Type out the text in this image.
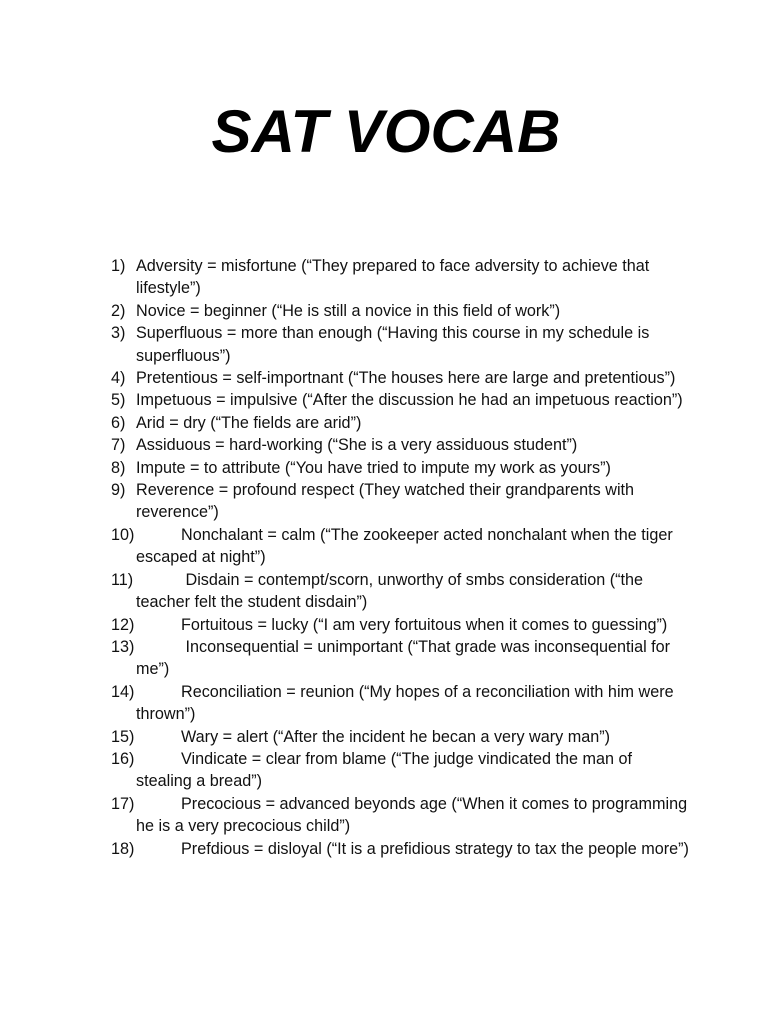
SAT VOCAB
1) Adversity = misfortune (“They prepared to face adversity to achieve that lifestyle”)
2) Novice = beginner (“He is still a novice in this field of work”)
3) Superfluous = more than enough (“Having this course in my schedule is superfluous”)
4) Pretentious = self-importnant (“The houses here are large and pretentious”)
5) Impetuous = impulsive (“After the discussion he had an impetuous reaction”)
6) Arid = dry (“The fields are arid”)
7) Assiduous = hard-working (“She is a very assiduous student”)
8) Impute = to attribute (“You have tried to impute my work as yours”)
9) Reverence = profound respect (They watched their grandparents with reverence”)
10)	Nonchalant = calm (“The zookeeper acted nonchalant when the tiger escaped at night”)
11)	Disdain = contempt/scorn, unworthy of smbs consideration (“the teacher felt the student disdain”)
12)	Fortuitous = lucky (“I am very fortuitous when it comes to guessing”)
13)	Inconsequential = unimportant (“That grade was inconsequential for me”)
14)	Reconciliation = reunion (“My hopes of a reconciliation with him were thrown”)
15)	Wary = alert (“After the incident he becan a very wary man”)
16)	Vindicate = clear from blame (“The judge vindicated the man of stealing a bread”)
17)	Precocious = advanced beyonds age (“When it comes to programming he is a very precocious child”)
18)	Prefdious = disloyal (“It is a prefidious strategy to tax the people more”)
